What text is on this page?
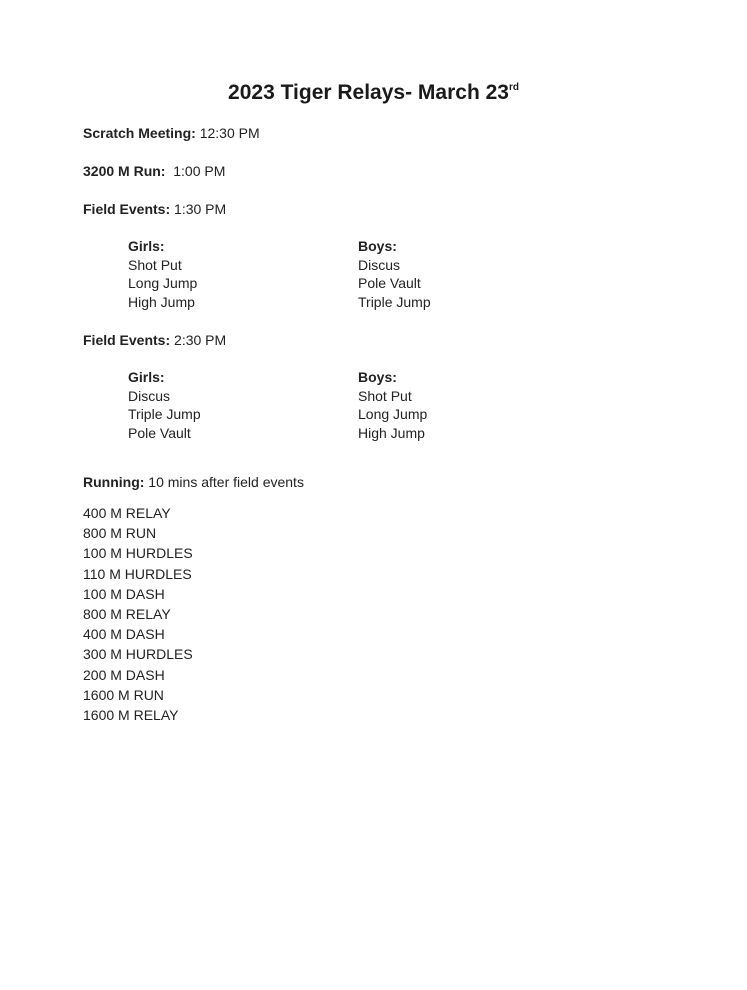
2023 Tiger Relays- March 23rd
Scratch Meeting: 12:30 PM
3200 M Run:  1:00 PM
Field Events: 1:30 PM
Girls:
Shot Put
Long Jump
High Jump
Boys:
Discus
Pole Vault
Triple Jump
Field Events: 2:30 PM
Girls:
Discus
Triple Jump
Pole Vault
Boys:
Shot Put
Long Jump
High Jump
Running: 10 mins after field events
400 M RELAY
800 M RUN
100 M HURDLES
110 M HURDLES
100 M DASH
800 M RELAY
400 M DASH
300 M HURDLES
200 M DASH
1600 M RUN
1600 M RELAY
